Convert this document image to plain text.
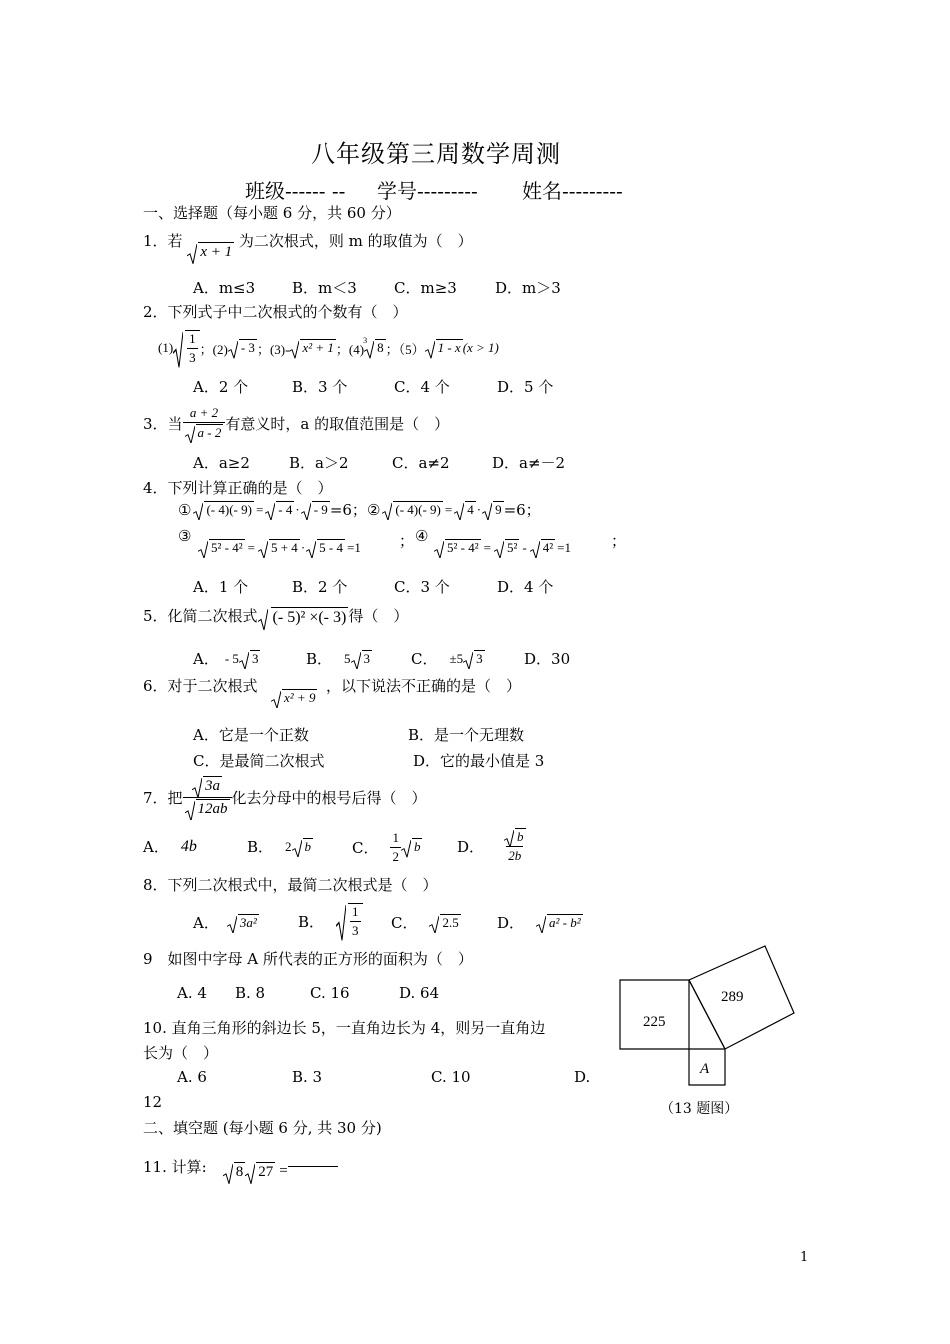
八年级第三周数学周测
班级------ -- 学号--------- 姓名---------
一、选择题（每小题 6 分，共 60 分）
1．若
x + 1 为二次根式，则 m 的取值为（　）
A．m≤3 B．m＜3 C．m≥3	D．m＞3
2．下列式子中二次根式的个数有（　）
$(1) \frac{1}{3}$ ；(2)	- 3 ；(3)-	x² + 1 ；(4)
3 8 ；（5）	1 - x (x > 1)
A．2 个	B．3 个	C．4 个	D．5 个
3．当 $\frac{a + 2}{a - 2}$ 有意义时，a 的取值范围是（　）
A．a≥2	B．a＞2	C．a≠2	D．a≠－2
4．下列计算正确的是（　）
①	(- 4)(- 9) =	- 4 ·	- 9 =6； ②	(- 4)(- 9) =	4 ·	9 =6；
③
5² - 4² =	5 + 4 ·	5 - 4 =1	； ④
5² - 4² =	5² -	4² =1	；
A．1 个	B．2 个	C．3 个	D．4 个
5．化简二次根式 (- 5)² ×(- 3) 得（　）
A． - 5	3	B． 5	3	C． ±5	3	D．30
6．对于二次根式
x² + 9
，以下说法不正确的是（　）
A．它是一个正数	B．是一个无理数
C．是最简二次根式	D．它的最小值是 3
7．把 $\frac{3a}{12ab}$ 化去分母中的根号后得（　）
A． 4b	B． 2	b	C． $\frac{1}{2}$	b D． $\frac{b}{2b}$
8．下列二次根式中，最简二次根式是（　）
A．	3a²	B． $\frac{1}{3}$ C．	2.5	D．	a² - b²
9　如图中字母 A 所代表的正方形的面积为（　）
A. 4 B. 8	C. 16	D. 64
225
289
A
（13 题图）
10. 直角三角形的斜边长 5，一直角边长为 4，则另一直角边
长为（　）
A. 6	B. 3	C. 10	D.
12
二、填空题 (每小题 6 分, 共 30 分)
11. 计算:	8	27 =
1
